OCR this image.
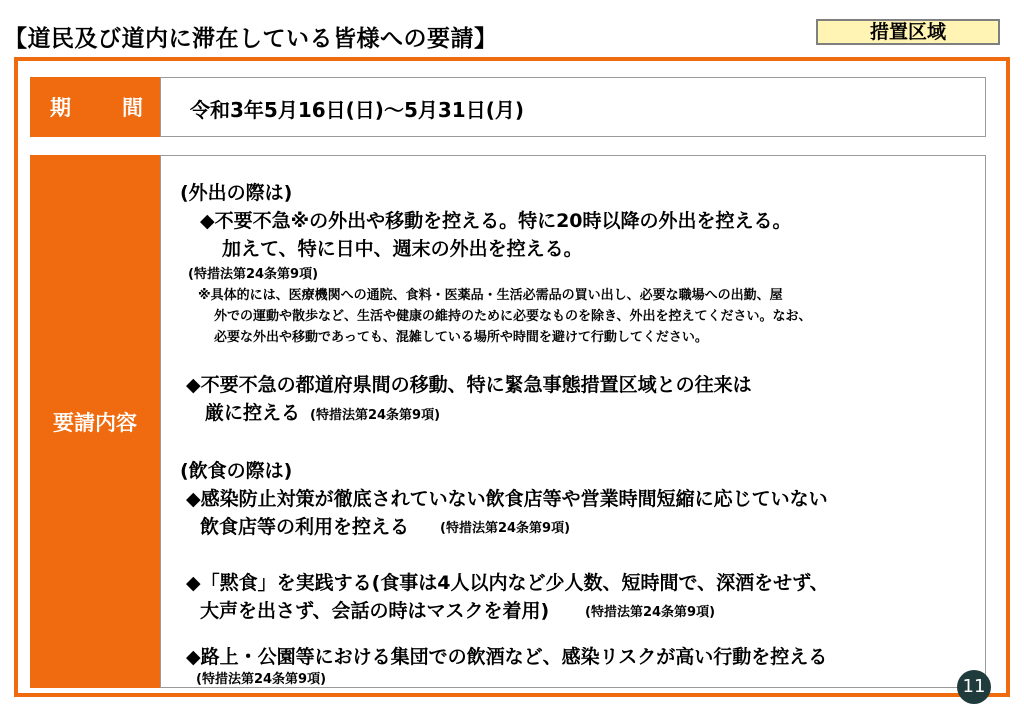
【道民及び道内に滞在している皆様への要請】	措置区域
期 間 令和3年5月16日(日)〜5月31日(月)
要請内容
(外出の際は)
◆不要不急※の外出や移動を控える。特に20時以降の外出を控える。
加えて、特に日中、週末の外出を控える。
(特措法第24条第9項)
※具体的には、医療機関への通院、食料・医薬品・生活必需品の買い出し、必要な職場への出勤、屋
外での運動や散歩など、生活や健康の維持のために必要なものを除き、外出を控えてください。なお、
必要な外出や移動であっても、混雑している場所や時間を避けて行動してください。
◆不要不急の都道府県間の移動、特に緊急事態措置区域との往来は
厳に控える (特措法第24条第9項)
(飲食の際は)
◆感染防止対策が徹底されていない飲食店等や営業時間短縮に応じていない
飲食店等の利用を控える (特措法第24条第9項)
◆「黙食」を実践する(食事は4人以内など少人数、短時間で、深酒をせず、
大声を出さず、会話の時はマスクを着用)	(特措法第24条第9項)
◆路上・公園等における集団での飲酒など、感染リスクが高い行動を控える
(特措法第24条第9項)	11
